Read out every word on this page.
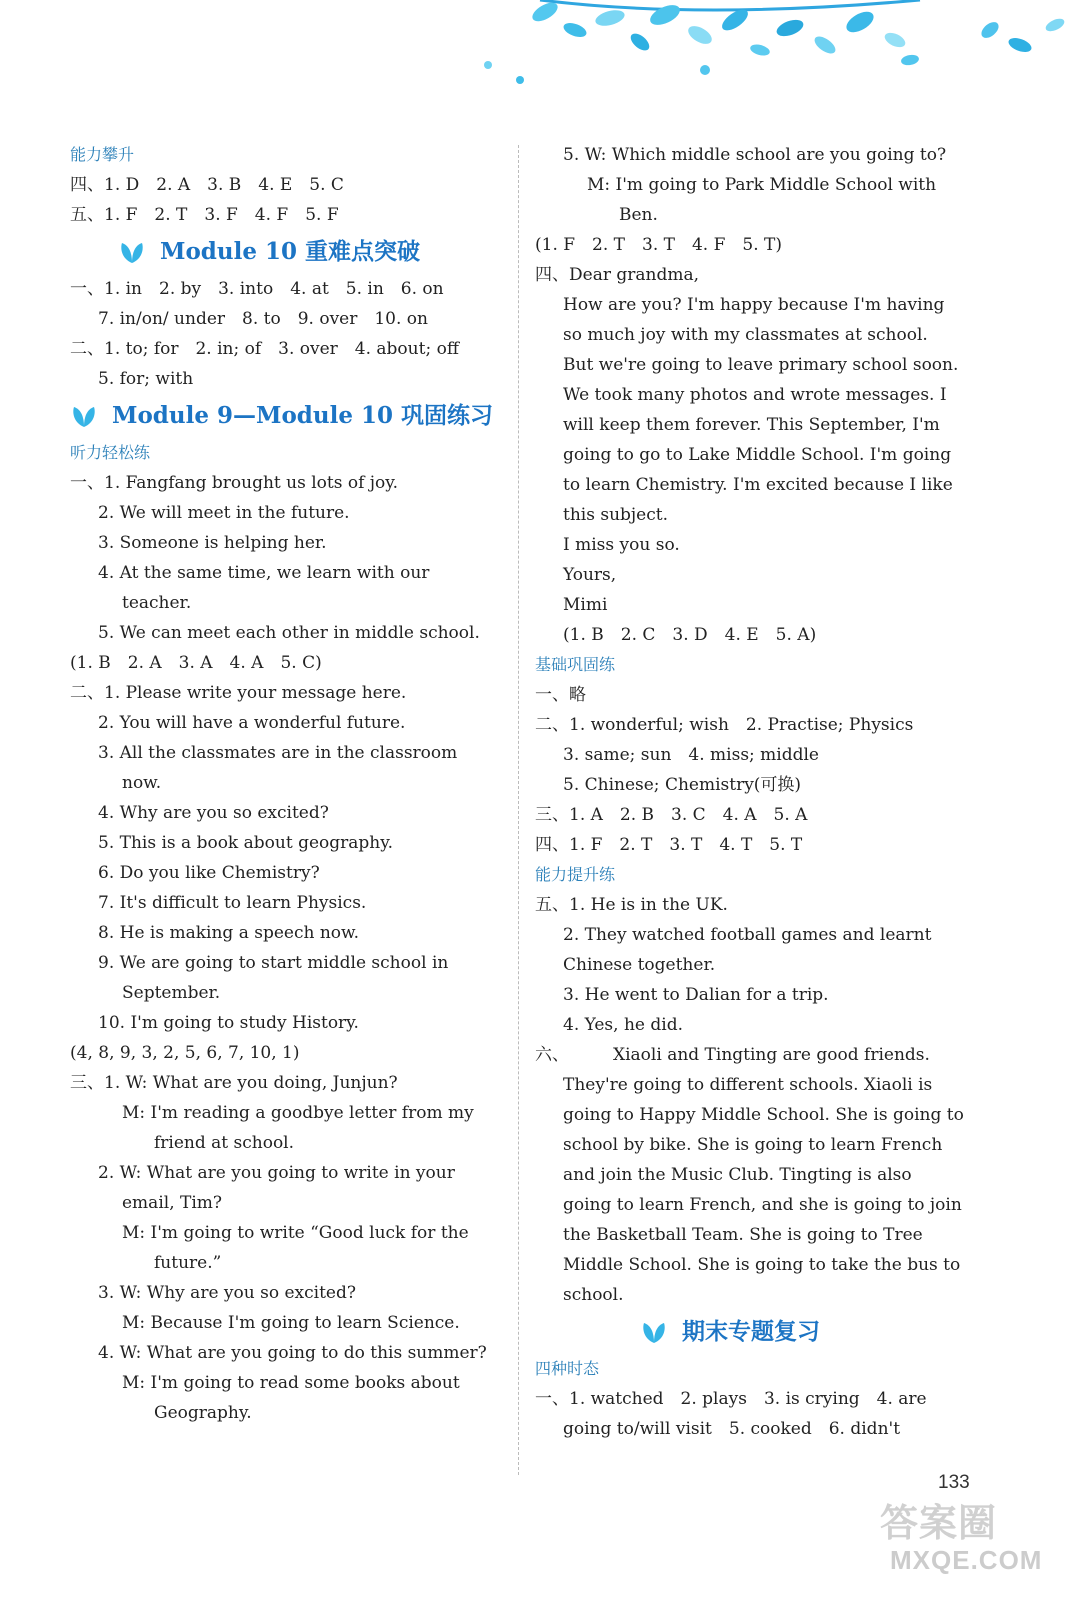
能力攀升
四、1. D　2. A　3. B　4. E　5. C
五、1. F　2. T　3. F　4. F　5. F
Module 10 重难点突破
一、1. in　2. by　3. into　4. at　5. in　6. on
7. in/on/ under　8. to　9. over　10. on
二、1. to; for　2. in; of　3. over　4. about; off
5. for; with
Module 9—Module 10 巩固练习
听力轻松练
一、1. Fangfang brought us lots of joy.
2. We will meet in the future.
3. Someone is helping her.
4. At the same time, we learn with our teacher.
5. We can meet each other in middle school.
(1. B　2. A　3. A　4. A　5. C)
二、1. Please write your message here.
2. You will have a wonderful future.
3. All the classmates are in the classroom now.
4. Why are you so excited?
5. This is a book about geography.
6. Do you like Chemistry?
7. It's difficult to learn Physics.
8. He is making a speech now.
9. We are going to start middle school in September.
10. I'm going to study History.
(4, 8, 9, 3, 2, 5, 6, 7, 10, 1)
三、1. W: What are you doing, Junjun?
M: I'm reading a goodbye letter from my friend at school.
2. W: What are you going to write in your email, Tim?
M: I'm going to write “Good luck for the future.”
3. W: Why are you so excited?
M: Because I'm going to learn Science.
4. W: What are you going to do this summer?
M: I'm going to read some books about Geography.
5. W: Which middle school are you going to?
M: I'm going to Park Middle School with Ben.
(1. F　2. T　3. T　4. F　5. T)
四、Dear grandma,
How are you? I'm happy because I'm having so much joy with my classmates at school.
But we're going to leave primary school soon. We took many photos and wrote messages. I will keep them forever. This September, I'm going to go to Lake Middle School. I'm going to learn Chemistry. I'm excited because I like this subject.
I miss you so.
Yours,
Mimi
(1. B　2. C　3. D　4. E　5. A)
基础巩固练
一、略
二、1. wonderful; wish　2. Practise; Physics
3. same; sun　4. miss; middle
5. Chinese; Chemistry(可换)
三、1. A　2. B　3. C　4. A　5. A
四、1. F　2. T　3. T　4. T　5. T
能力提升练
五、1. He is in the UK.
2. They watched football games and learnt Chinese together.
3. He went to Dalian for a trip.
4. Yes, he did.
六、	Xiaoli and Tingting are good friends. They're going to different schools. Xiaoli is going to Happy Middle School. She is going to school by bike. She is going to learn French and join the Music Club. Tingting is also going to learn French, and she is going to join the Basketball Team. She is going to Tree Middle School. She is going to take the bus to school.
期末专题复习
四种时态
一、1. watched　2. plays　3. is crying　4. are
going to/will visit　5. cooked　6. didn't
133
答案圈
MXQE.COM
